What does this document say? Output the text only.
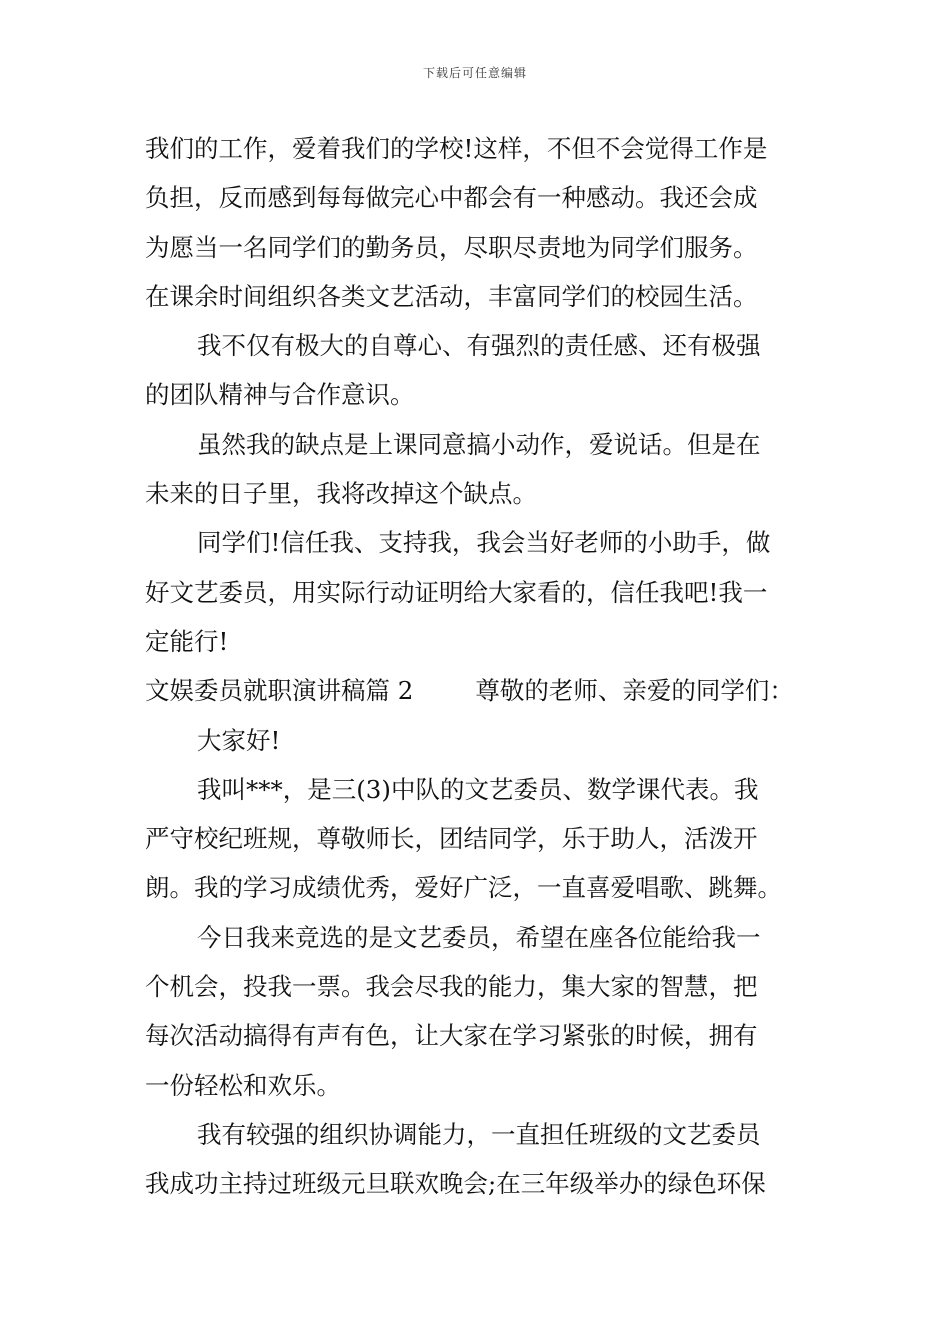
下载后可任意编辑
我们的工作，爱着我们的学校!这样，不但不会觉得工作是
负担，反而感到每每做完心中都会有一种感动。我还会成
为愿当一名同学们的勤务员，尽职尽责地为同学们服务。
在课余时间组织各类文艺活动，丰富同学们的校园生活。
我不仅有极大的自尊心、有强烈的责任感、还有极强
的团队精神与合作意识。
虽然我的缺点是上课同意搞小动作，爱说话。但是在
未来的日子里，我将改掉这个缺点。
同学们!信任我、支持我，我会当好老师的小助手，做
好文艺委员，用实际行动证明给大家看的，信任我吧!我一
定能行!
文娱委员就职演讲稿篇 2	尊敬的老师、亲爱的同学们：
大家好!
我叫***，是三(3)中队的文艺委员、数学课代表。我
严守校纪班规，尊敬师长，团结同学，乐于助人，活泼开
朗。我的学习成绩优秀，爱好广泛，一直喜爱唱歌、跳舞。
今日我来竞选的是文艺委员，希望在座各位能给我一
个机会，投我一票。我会尽我的能力，集大家的智慧，把
每次活动搞得有声有色，让大家在学习紧张的时候，拥有
一份轻松和欢乐。
我有较强的组织协调能力，一直担任班级的文艺委员
我成功主持过班级元旦联欢晚会;在三年级举办的绿色环保
